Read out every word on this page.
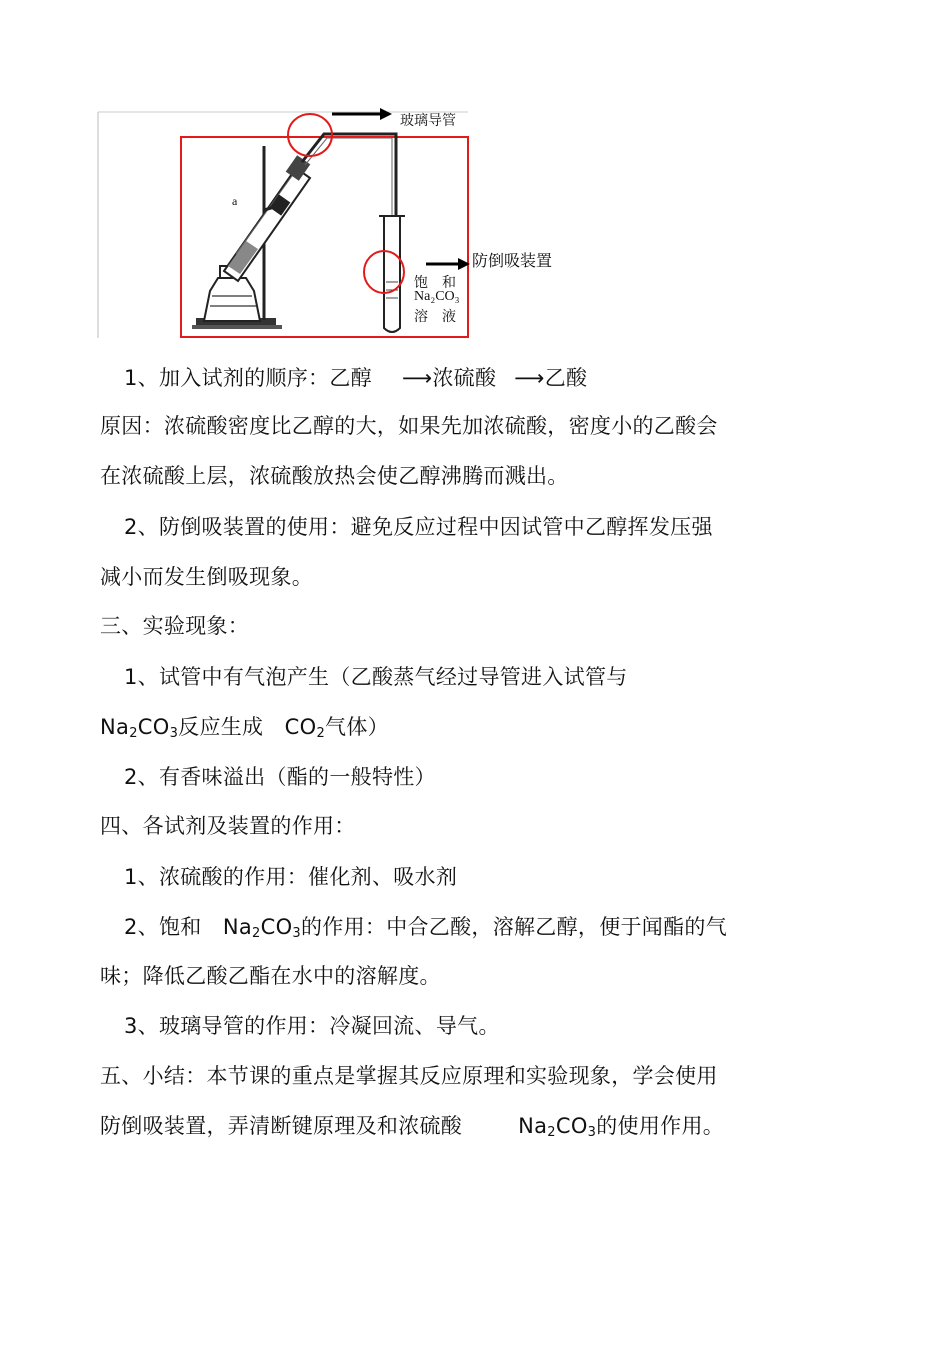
玻璃导管
防倒吸装置
a
饱　和
Na₂CO₃
溶　液
1、加入试剂的顺序：乙醇 ⟶浓硫酸 ⟶乙酸
原因：浓硫酸密度比乙醇的大，如果先加浓硫酸，密度小的乙酸会
在浓硫酸上层，浓硫酸放热会使乙醇沸腾而溅出。
2、防倒吸装置的使用：避免反应过程中因试管中乙醇挥发压强
减小而发生倒吸现象。
三、实验现象：
1、试管中有气泡产生（乙酸蒸气经过导管进入试管与
$Na_2CO_3$反应生成　$CO_2$气体）
2、有香味溢出（酯的一般特性）
四、各试剂及装置的作用：
1、浓硫酸的作用：催化剂、吸水剂
2、饱和　$Na_2CO_3$的作用：中合乙酸，溶解乙醇，便于闻酯的气
味；降低乙酸乙酯在水中的溶解度。
3、玻璃导管的作用：冷凝回流、导气。
五、小结：本节课的重点是掌握其反应原理和实验现象，学会使用
防倒吸装置，弄清断键原理及和浓硫酸	$Na_2CO_3$的使用作用。
